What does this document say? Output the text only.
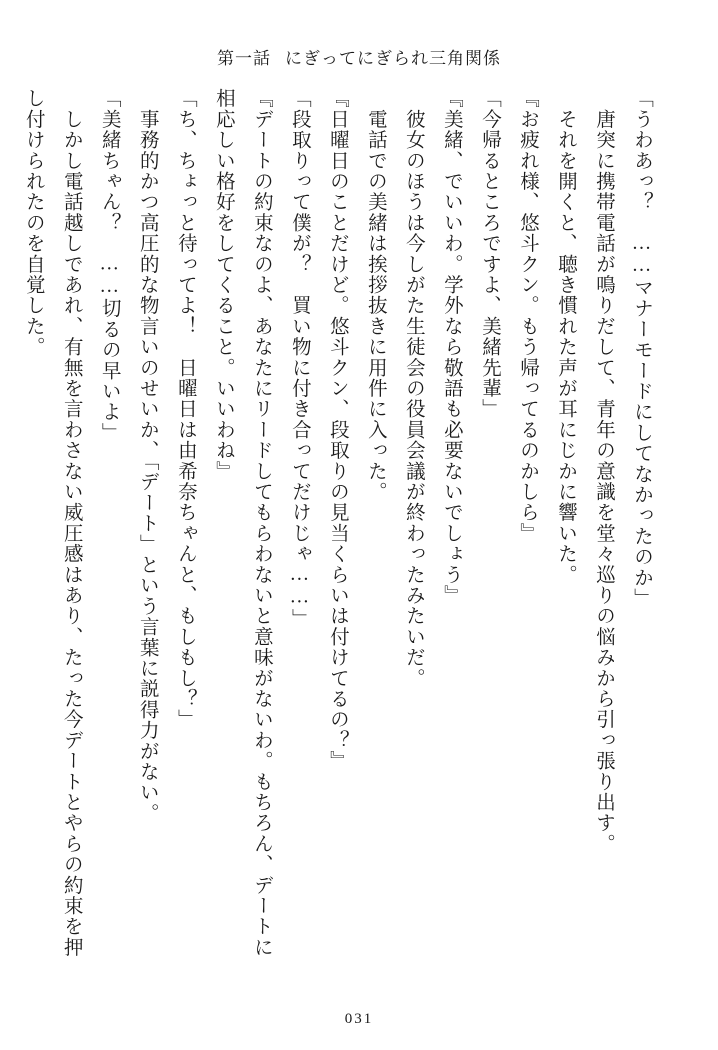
第一話 にぎってにぎられ三角関係

「うわあっ？　……マナーモードにしてなかったのか」

　唐突に携帯電話が鳴りだして、青年の意識を堂々巡りの悩みから引っ張り出す。

　それを開くと、聴き慣れた声が耳にじかに響いた。

『お疲れ様、悠斗クン。もう帰ってるのかしら』

「今帰るところですよ、美緒先輩」

『美緒、でいいわ。学外なら敬語も必要ないでしょう』

　彼女のほうは今しがた生徒会の役員会議が終わったみたいだ。

　電話での美緒は挨拶抜きに用件に入った。

『日曜日のことだけど。悠斗クン、段取りの見当くらいは付けてるの？』

「段取りって僕が？　買い物に付き合ってだけじゃ……」

『デートの約束なのよ、あなたにリードしてもらわないと意味がないわ。もちろん、デートに相応しい格好をしてくること。いいわね』

「ち、ちょっと待ってよ！　日曜日は由希奈ちゃんと、もしもし？」

　事務的かつ高圧的な物言いのせいか、「デート」という言葉に説得力がない。

「美緒ちゃん？　……切るの早いよ」

　しかし電話越しであれ、有無を言わさない威圧感はあり、たった今デートとやらの約束を押し付けられたのを自覚した。

031
